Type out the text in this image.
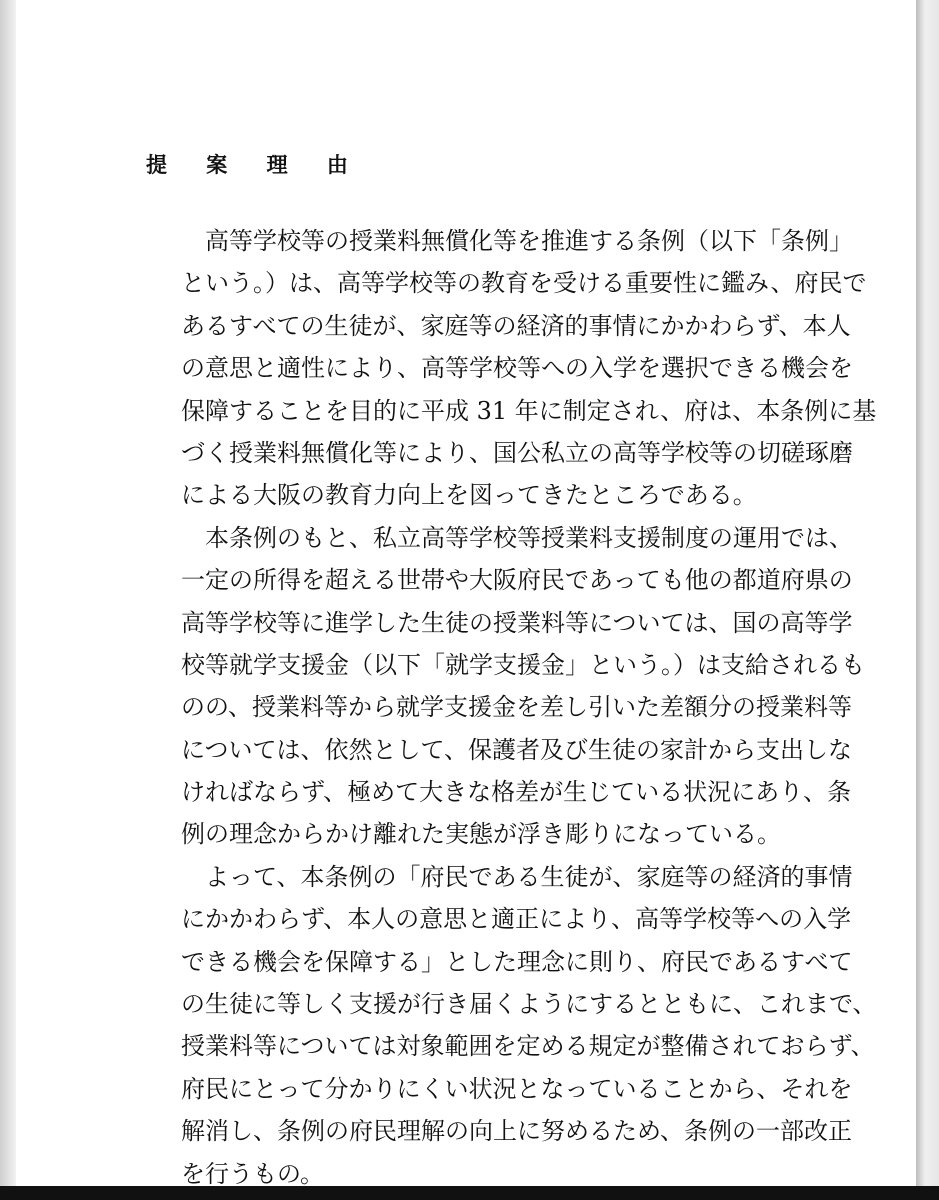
提 案 理 由
高等学校等の授業料無償化等を推進する条例（以下「条例」
という。）は、高等学校等の教育を受ける重要性に鑑み、府民で
あるすべての生徒が、家庭等の経済的事情にかかわらず、本人
の意思と適性により、高等学校等への入学を選択できる機会を
保障することを目的に平成 31 年に制定され、府は、本条例に基
づく授業料無償化等により、国公私立の高等学校等の切磋琢磨
による大阪の教育力向上を図ってきたところである。
本条例のもと、私立高等学校等授業料支援制度の運用では、
一定の所得を超える世帯や大阪府民であっても他の都道府県の
高等学校等に進学した生徒の授業料等については、国の高等学
校等就学支援金（以下「就学支援金」という。）は支給されるも
のの、授業料等から就学支援金を差し引いた差額分の授業料等
については、依然として、保護者及び生徒の家計から支出しな
ければならず、極めて大きな格差が生じている状況にあり、条
例の理念からかけ離れた実態が浮き彫りになっている。
よって、本条例の「府民である生徒が、家庭等の経済的事情
にかかわらず、本人の意思と適正により、高等学校等への入学
できる機会を保障する」とした理念に則り、府民であるすべて
の生徒に等しく支援が行き届くようにするとともに、これまで、
授業料等については対象範囲を定める規定が整備されておらず、
府民にとって分かりにくい状況となっていることから、それを
解消し、条例の府民理解の向上に努めるため、条例の一部改正
を行うもの。
